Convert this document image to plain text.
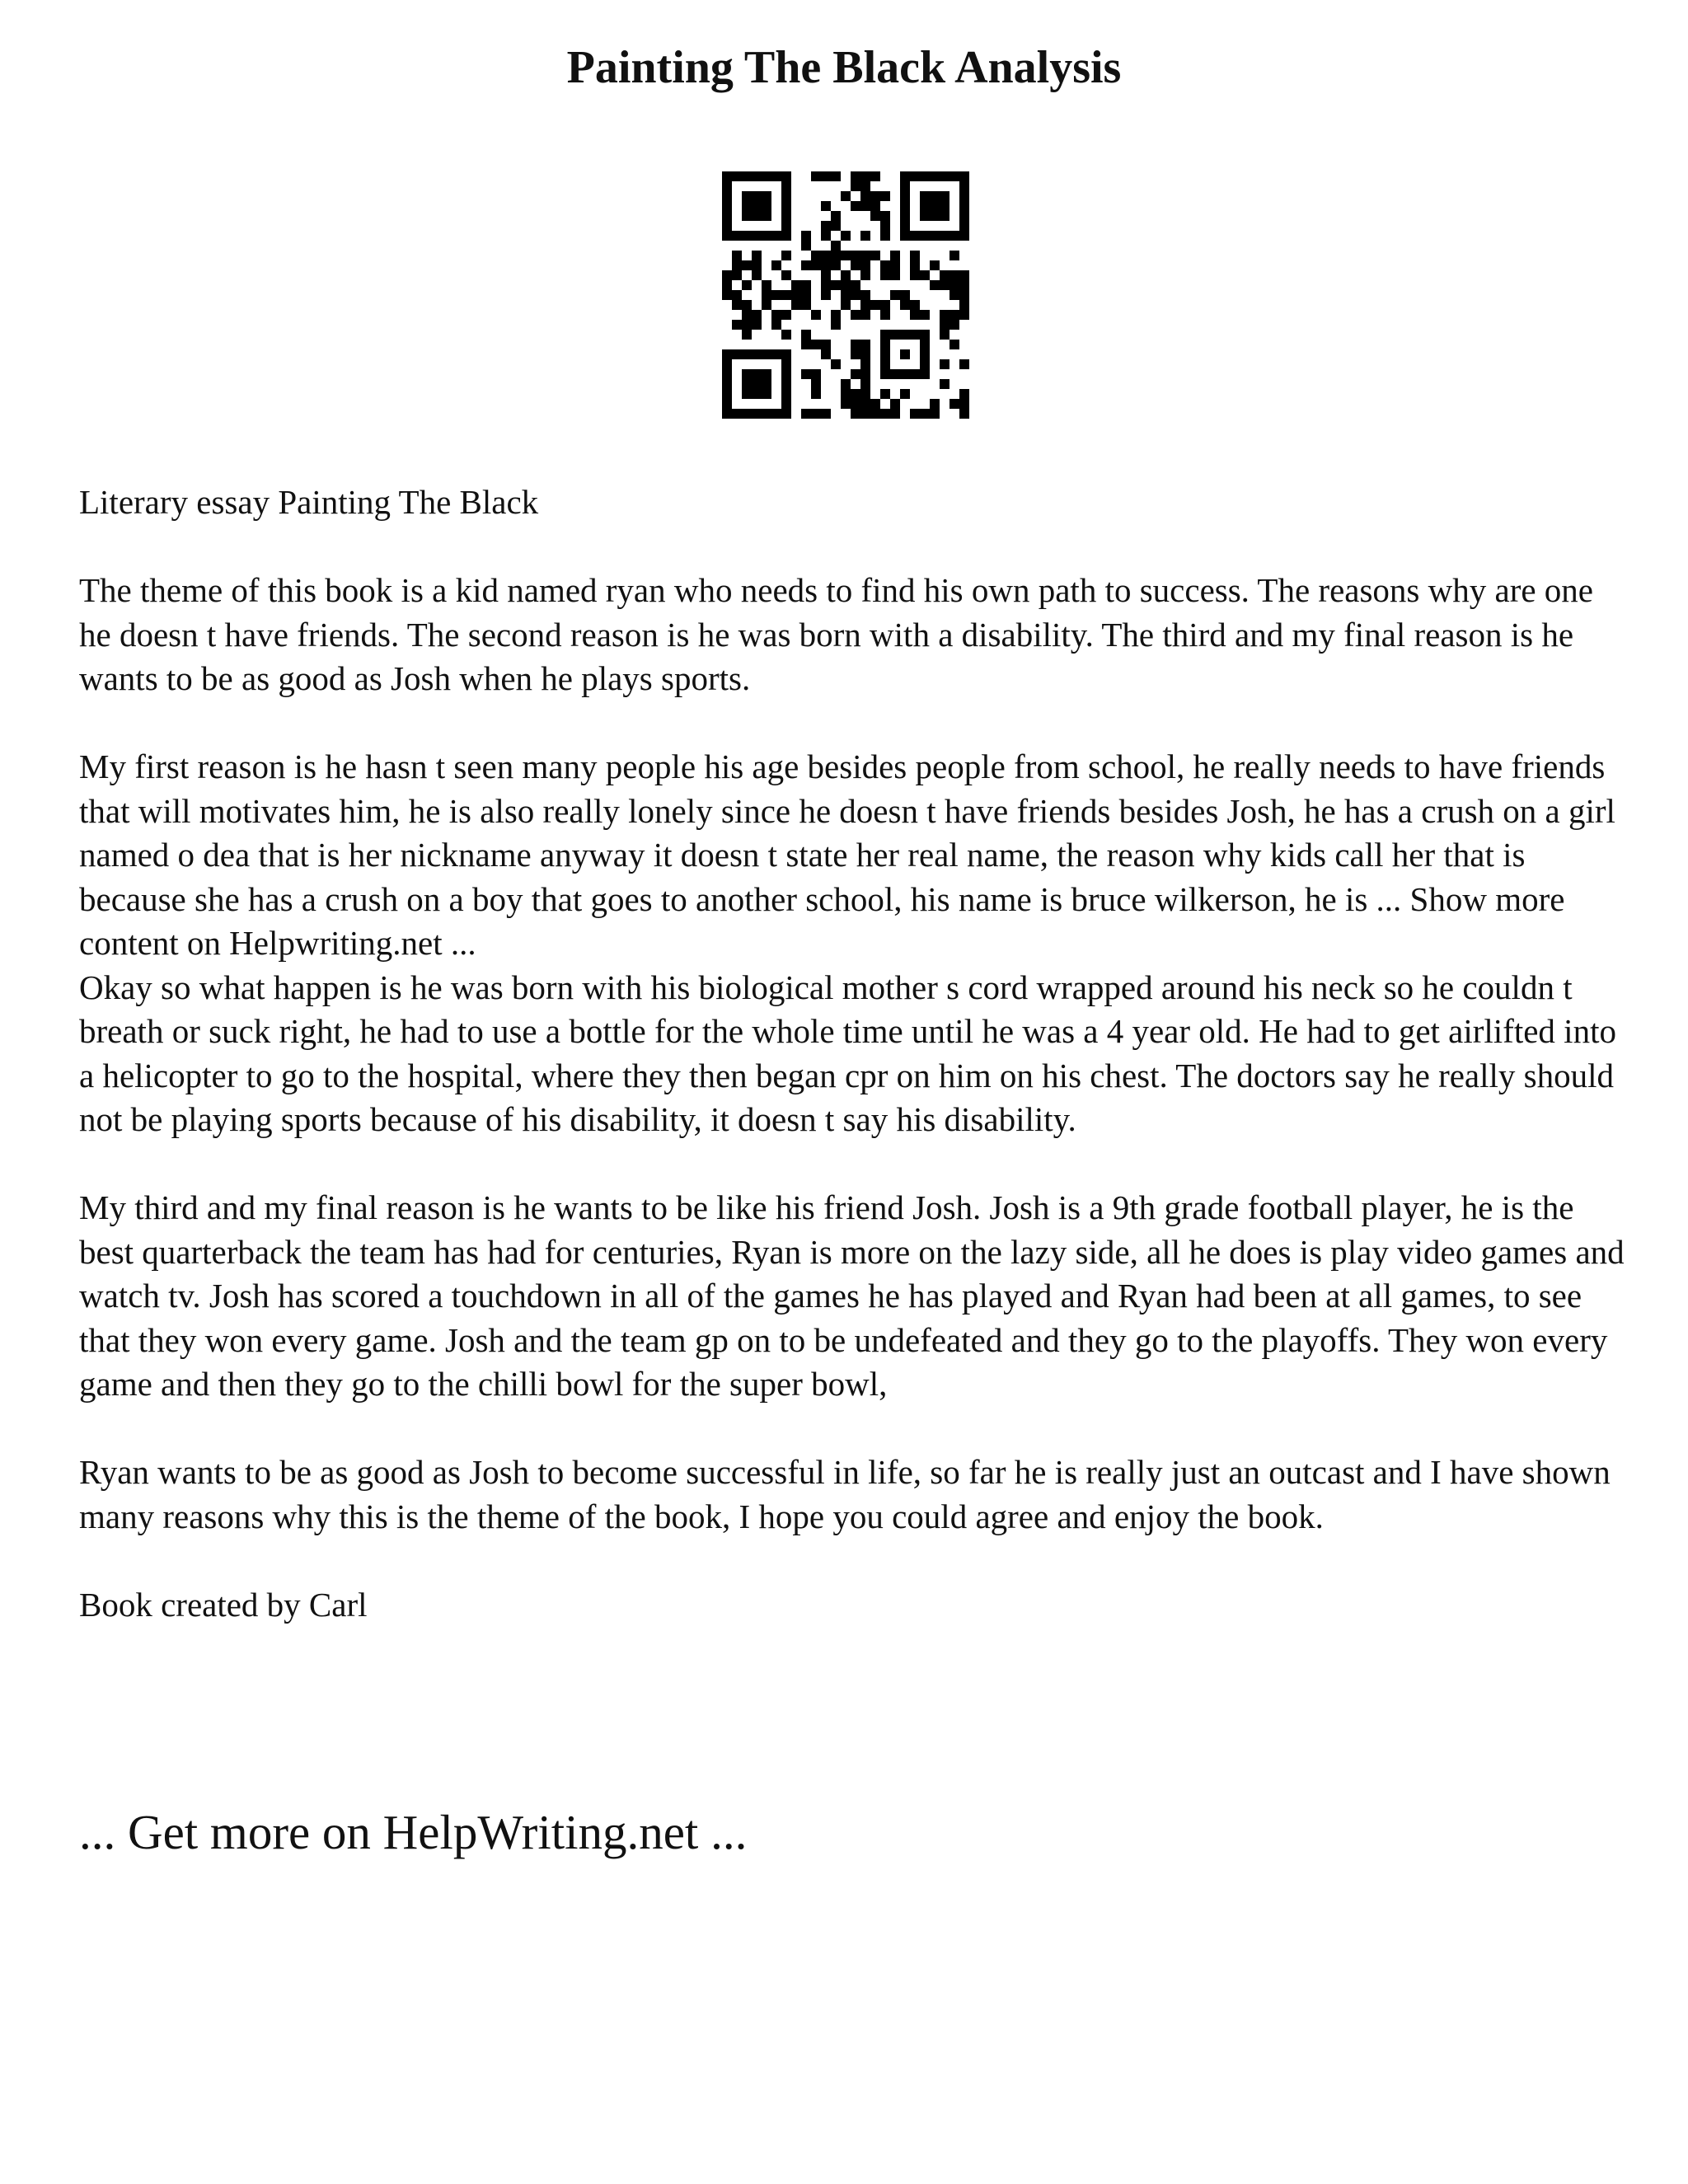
Painting The Black Analysis

Literary essay Painting The Black

The theme of this book is a kid named ryan who needs to find his own path to success. The reasons why are one he doesn t have friends. The second reason is he was born with a disability. The third and my final reason is he wants to be as good as Josh when he plays sports.

My first reason is he hasn t seen many people his age besides people from school, he really needs to have friends that will motivates him, he is also really lonely since he doesn t have friends besides Josh, he has a crush on a girl named o dea that is her nickname anyway it doesn t state her real name, the reason why kids call her that is because she has a crush on a boy that goes to another school, his name is bruce wilkerson, he is ... Show more content on Helpwriting.net ...

Okay so what happen is he was born with his biological mother s cord wrapped around his neck so he couldn t breath or suck right, he had to use a bottle for the whole time until he was a 4 year old. He had to get airlifted into a helicopter to go to the hospital, where they then began cpr on him on his chest. The doctors say he really should not be playing sports because of his disability, it doesn t say his disability.

My third and my final reason is he wants to be like his friend Josh. Josh is a 9th grade football player, he is the best quarterback the team has had for centuries, Ryan is more on the lazy side, all he does is play video games and watch tv. Josh has scored a touchdown in all of the games he has played and Ryan had been at all games, to see that they won every game. Josh and the team gp on to be undefeated and they go to the playoffs. They won every game and then they go to the chilli bowl for the super bowl,

Ryan wants to be as good as Josh to become successful in life, so far he is really just an outcast and I have shown many reasons why this is the theme of the book, I hope you could agree and enjoy the book.

Book created by Carl

... Get more on HelpWriting.net ...
